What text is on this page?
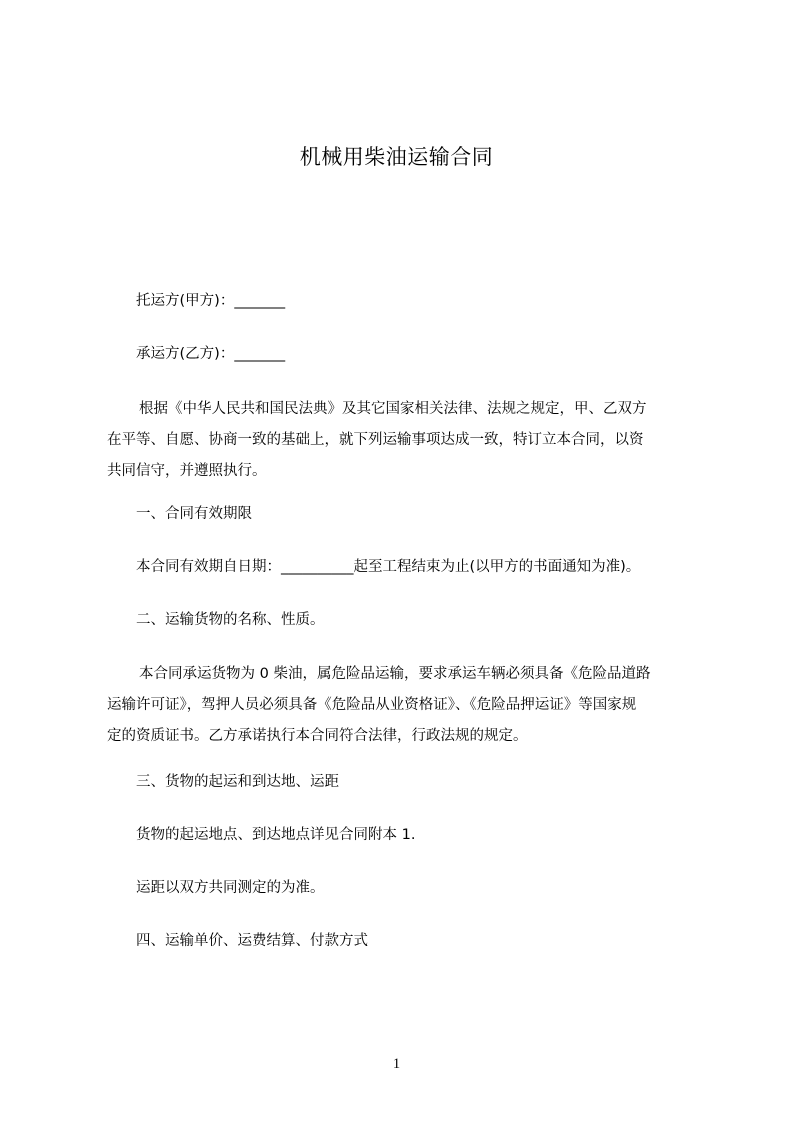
机械用柴油运输合同
托运方(甲方)：_______
承运方(乙方)：_______
根据《中华人民共和国民法典》及其它国家相关法律、法规之规定，甲、乙双方
在平等、自愿、协商一致的基础上，就下列运输事项达成一致，特订立本合同，以资
共同信守，并遵照执行。
一、合同有效期限
本合同有效期自日期：__________起至工程结束为止(以甲方的书面通知为准)。
二、运输货物的名称、性质。
本合同承运货物为 0 柴油，属危险品运输，要求承运车辆必须具备《危险品道路
运输许可证》，驾押人员必须具备《危险品从业资格证》、《危险品押运证》等国家规
定的资质证书。乙方承诺执行本合同符合法律，行政法规的规定。
三、货物的起运和到达地、运距
货物的起运地点、到达地点详见合同附本 1.
运距以双方共同测定的为准。
四、运输单价、运费结算、付款方式
1
